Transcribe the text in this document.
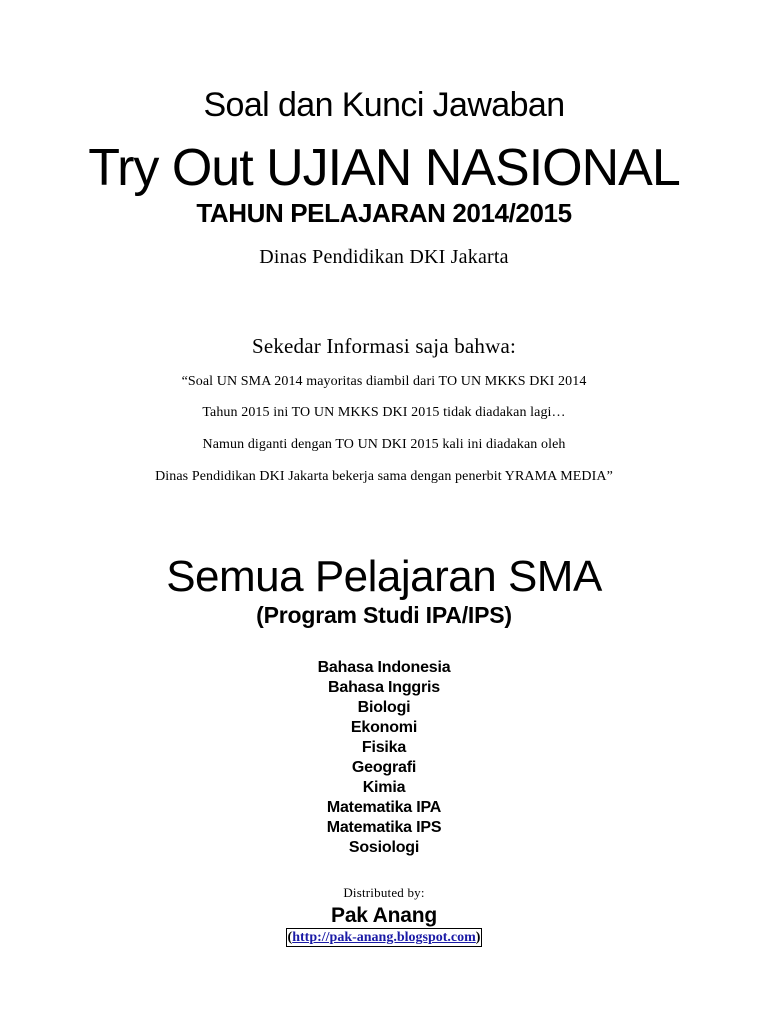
Soal dan Kunci Jawaban
Try Out UJIAN NASIONAL
TAHUN PELAJARAN 2014/2015
Dinas Pendidikan DKI Jakarta
Sekedar Informasi saja bahwa:
“Soal UN SMA 2014 mayoritas diambil dari TO UN MKKS DKI 2014
Tahun 2015 ini TO UN MKKS DKI 2015 tidak diadakan lagi…
Namun diganti dengan TO UN DKI 2015 kali ini diadakan oleh
Dinas Pendidikan DKI Jakarta bekerja sama dengan penerbit YRAMA MEDIA”
Semua Pelajaran SMA
(Program Studi IPA/IPS)
Bahasa Indonesia
Bahasa Inggris
Biologi
Ekonomi
Fisika
Geografi
Kimia
Matematika IPA
Matematika IPS
Sosiologi
Distributed by:
Pak Anang
(http://pak-anang.blogspot.com)
